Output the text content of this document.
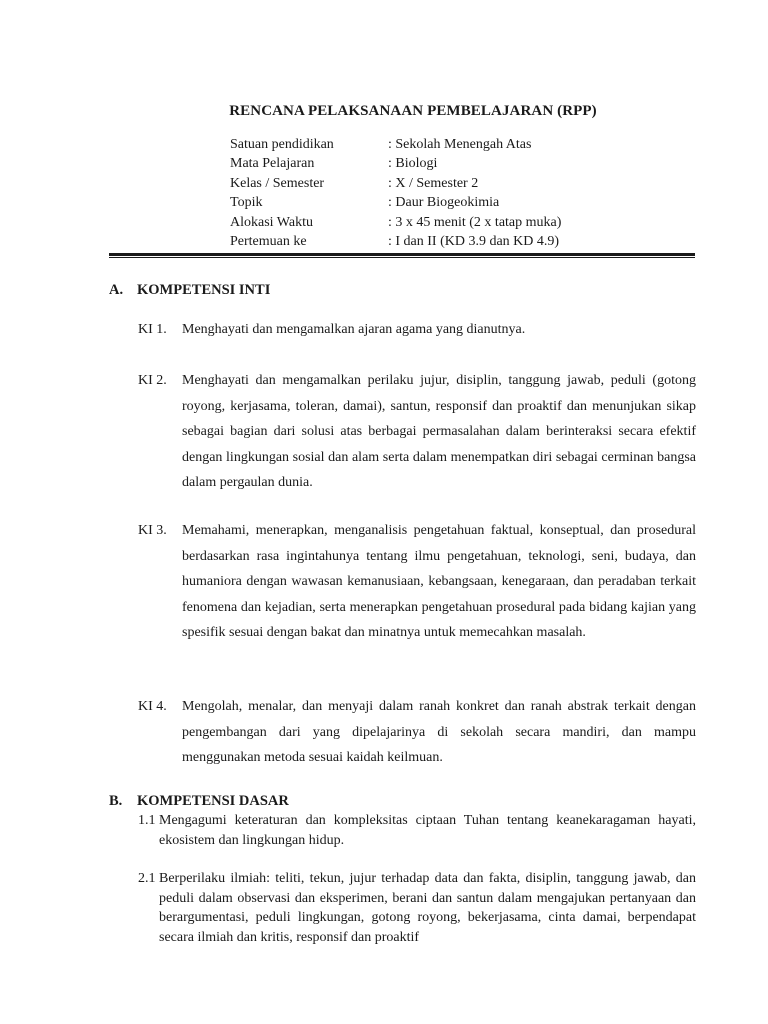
RENCANA PELAKSANAAN PEMBELAJARAN (RPP)
Satuan pendidikan	: Sekolah Menengah Atas
Mata Pelajaran	: Biologi
Kelas / Semester	: X / Semester 2
Topik	: Daur Biogeokimia
Alokasi Waktu	: 3 x 45 menit (2 x tatap muka)
Pertemuan ke	: I dan II (KD 3.9 dan KD 4.9)
A. KOMPETENSI INTI
KI 1.	Menghayati dan mengamalkan ajaran agama yang dianutnya.
KI 2.	Menghayati dan mengamalkan perilaku jujur, disiplin, tanggung jawab, peduli (gotong royong, kerjasama, toleran, damai), santun, responsif dan proaktif dan menunjukan sikap sebagai bagian dari solusi atas berbagai permasalahan dalam berinteraksi secara efektif dengan lingkungan sosial dan alam serta dalam menempatkan diri sebagai cerminan bangsa dalam pergaulan dunia.
KI 3.	Memahami, menerapkan, menganalisis pengetahuan faktual, konseptual, dan prosedural berdasarkan rasa ingintahunya tentang ilmu pengetahuan, teknologi, seni, budaya, dan humaniora dengan wawasan kemanusiaan, kebangsaan, kenegaraan, dan peradaban terkait fenomena dan kejadian, serta menerapkan pengetahuan prosedural pada bidang kajian yang spesifik sesuai dengan bakat dan minatnya untuk memecahkan masalah.
KI 4.	Mengolah, menalar, dan menyaji dalam ranah konkret dan ranah abstrak terkait dengan pengembangan dari yang dipelajarinya di sekolah secara mandiri, dan mampu menggunakan metoda sesuai kaidah keilmuan.
B. KOMPETENSI DASAR
1.1 Mengagumi keteraturan dan kompleksitas ciptaan Tuhan tentang keanekaragaman hayati, ekosistem dan lingkungan hidup.
2.1 Berperilaku ilmiah: teliti, tekun, jujur terhadap data dan fakta, disiplin, tanggung jawab, dan peduli dalam observasi dan eksperimen, berani dan santun dalam mengajukan pertanyaan dan berargumentasi, peduli lingkungan, gotong royong, bekerjasama, cinta damai, berpendapat secara ilmiah dan kritis, responsif dan proaktif
